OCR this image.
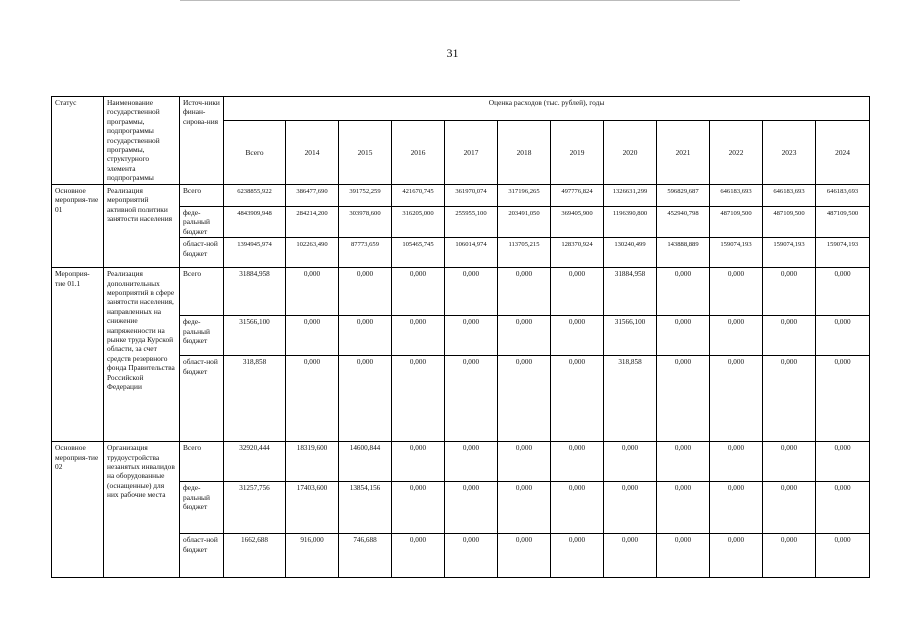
31
Статус	Наименование государственной программы, подпрограммы государственной программы, структурного элемента подпрограммы	Источ-ники финан-сирова-ния	Оценка расходов (тыс. рублей), годы											
			Всего	2014	2015	2016	2017	2018	2019	2020	2021	2022	2023	2024
Основное мероприя-тие 01	Реализация мероприятий активной политики занятости населения	Всего	6238855,922	386477,690	391752,259	421670,745	361970,074	317196,265	497776,824	1326631,299	596829,687	646183,693	646183,693	646183,693
		феде-ральный бюджет	4843909,948	284214,200	303978,600	316205,000	255955,100	203491,050	369405,900	1196390,800	452940,798	487109,500	487109,500	487109,500
		област-ной бюджет	1394945,974	102263,490	87773,659	105465,745	106014,974	113705,215	128370,924	130240,499	143888,889	159074,193	159074,193	159074,193
Мероприя-тие 01.1	Реализация дополнительных мероприятий в сфере занятости населения, направленных на снижение напряженности на рынке труда Курской области, за счет средств резервного фонда Правительства Российской Федерации	Всего	31884,958	0,000	0,000	0,000	0,000	0,000	0,000	31884,958	0,000	0,000	0,000	0,000
		феде-ральный бюджет	31566,100	0,000	0,000	0,000	0,000	0,000	0,000	31566,100	0,000	0,000	0,000	0,000
		област-ной бюджет	318,858	0,000	0,000	0,000	0,000	0,000	0,000	318,858	0,000	0,000	0,000	0,000
Основное мероприя-тие 02	Организация трудоустройства незанятых инвалидов на оборудованные (оснащенные) для них рабочие места	Всего	32920,444	18319,600	14600,844	0,000	0,000	0,000	0,000	0,000	0,000	0,000	0,000	0,000
		феде-ральный бюджет	31257,756	17403,600	13854,156	0,000	0,000	0,000	0,000	0,000	0,000	0,000	0,000	0,000
		област-ной бюджет	1662,688	916,000	746,688	0,000	0,000	0,000	0,000	0,000	0,000	0,000	0,000	0,000
